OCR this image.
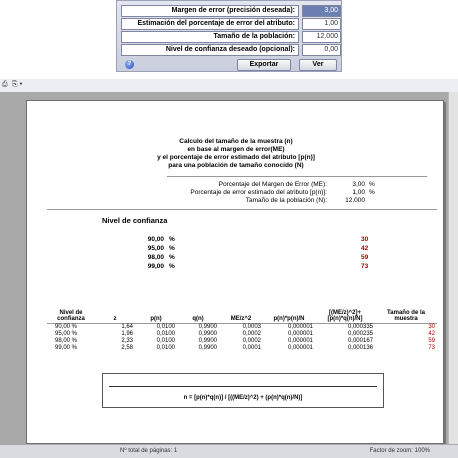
Margen de error (precisión deseada):	3,00
Estimación del porcentaje de error del atributo:	1,00
Tamaño de la población:	12.000
Nivel de confianza deseado (opcional):	0,00
?	Exportar	Ver
⎙ ⎘ ▾
Calculo del tamaño de la muestra (n)
en base al margen de error(ME)
y el porcentaje de error estimado del atributo [p(n)]
para una población de tamaño conocido (N)
Porcentaje del Margen de Error (ME):	3,00 %
Porcentaje de error estimado del atributo [p(n)]:	1,00 %
Tamaño de la población (N):	12.000
Nivel de confianza
90,00 %	30
95,00 %	42
98,00 %	59
99,00 %	73
Nivel de confianza	z	p(n)	q(n)	ME/z^2	p(n)*p(n)/N	[(ME/z)^2]+ [p(n)*q(n)/N]	Tamaño de la muestra
90,00 %	1,64	0,0100	0,9900	0,0003	0,000001	0,000335	30
95,00 %	1,96	0,0100	0,9900	0,0002	0,000001	0,000235	42
98,00 %	2,33	0,0100	0,9900	0,0002	0,000001	0,000167	59
99,00 %	2,58	0,0100	0,9900	0,0001	0,000001	0,000136	73
n = [p(n)*q(n)] / [((ME/z)^2) + (p(n)*q(n)/N)]
Nº total de páginas: 1	Factor de zoom: 100%
